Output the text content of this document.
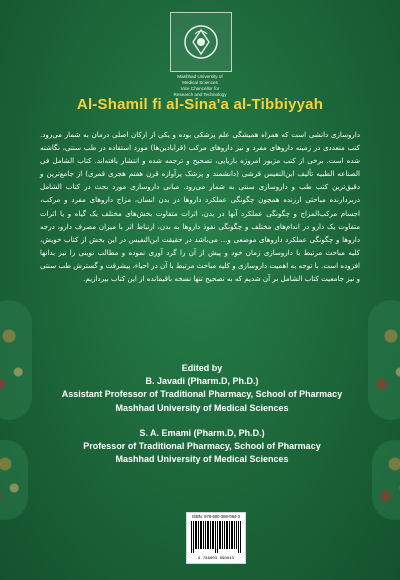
Mashhad University of
Medical Sciences
Vice Chancellor for
Research and Technology
Al-Shamil fi al-Sina'a al-Tibbiyyah
داروسازی دانشی است که همراه همیشگی علم پزشکی بوده و یکی از ارکان اصلی درمان به شمار می‌رود. کتب متعددی در زمینه داروهای مفرد و نیز داروهای مرکب (قرابادین‌ها) مورد استفاده در طب سنتی، نگاشته شده است. برخی از کتب مزبور امروزه بازیابی، تصحیح و ترجمه شده و انتشار یافته‌اند. کتاب الشامل فی الصناعه الطبیه تألیف ابن‌النفیس قرشی (دانشمند و پزشک پرآوازه قرن هفتم هجری قمری) از جامع‌ترین و دقیق‌ترین کتب طب و داروسازی سنتی به شمار می‌رود. مبانی داروسازی مورد بحث در کتاب الشامل دربردارنده مباحثی ارزنده همچون چگونگی عملکرد داروها در بدن انسان، مزاج داروهای مفرد و مرکب، اجسام مرکب‌المزاج و چگونگی عملکرد آنها در بدن، اثرات متفاوت بخش‌های مختلف یک گیاه و یا اثرات متفاوت یک دارو در اندام‌های مختلف و چگونگی نفوذ داروها به بدن، ارتباط اثر با میزان مصرف دارو، درجه داروها و چگونگی عملکرد داروهای موضعی و... می‌باشد در حقیقت ابن‌النفیس در این بخش از کتاب خویش، کلیه مباحث مرتبط با داروسازی زمان خود و پیش از آن را گرد آوری نموده و مطالب نوینی را نیز بدانها افزوده است. با توجه به اهمیت داروسازی و کلیه مباحث مرتبط با آن در احیاء، پیشرفت و گسترش طب سنتی و نیز جامعیت کتاب الشامل بر آن شدیم که به تصحیح تنها نسخه باقیمانده از این کتاب بپردازیم.
Edited by
B. Javadi (Pharm.D, Ph.D.)
Assistant Professor of Traditional Pharmacy, School of Pharmacy
Mashhad University of Medical Sciences
S. A. Emami (Pharm.D, Ph.D.)
Professor of Traditional Pharmacy, School of Pharmacy
Mashhad University of Medical Sciences
ISBN: 978-600-369-094-3
9 786003 690943
